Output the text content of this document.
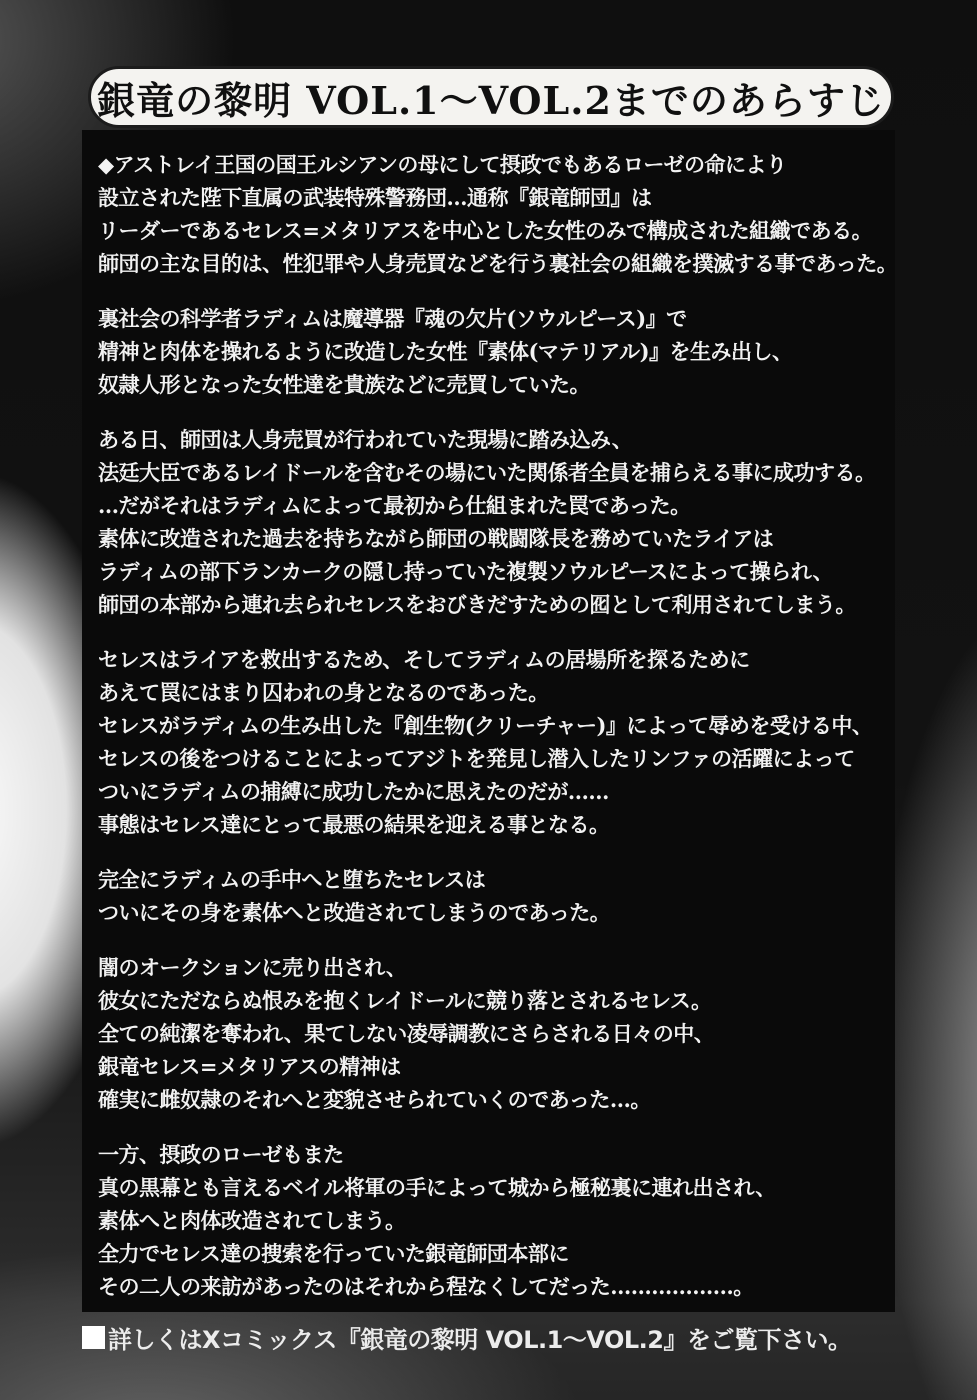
銀竜の黎明 VOL.1～VOL.2までのあらすじ

◆アストレイ王国の国王ルシアンの母にして摂政でもあるローゼの命により
設立された陛下直属の武装特殊警務団…通称『銀竜師団』は
リーダーであるセレス=メタリアスを中心とした女性のみで構成された組織である。
師団の主な目的は、性犯罪や人身売買などを行う裏社会の組織を撲滅する事であった。

裏社会の科学者ラディムは魔導器『魂の欠片(ソウルピース)』で
精神と肉体を操れるように改造した女性『素体(マテリアル)』を生み出し、
奴隷人形となった女性達を貴族などに売買していた。

ある日、師団は人身売買が行われていた現場に踏み込み、
法廷大臣であるレイドールを含むその場にいた関係者全員を捕らえる事に成功する。
…だがそれはラディムによって最初から仕組まれた罠であった。
素体に改造された過去を持ちながら師団の戦闘隊長を務めていたライアは
ラディムの部下ランカークの隠し持っていた複製ソウルピースによって操られ、
師団の本部から連れ去られセレスをおびきだすための囮として利用されてしまう。

セレスはライアを救出するため、そしてラディムの居場所を探るために
あえて罠にはまり囚われの身となるのであった。
セレスがラディムの生み出した『創生物(クリーチャー)』によって辱めを受ける中、
セレスの後をつけることによってアジトを発見し潜入したリンファの活躍によって
ついにラディムの捕縛に成功したかに思えたのだが……
事態はセレス達にとって最悪の結果を迎える事となる。

完全にラディムの手中へと堕ちたセレスは
ついにその身を素体へと改造されてしまうのであった。

闇のオークションに売り出され、
彼女にただならぬ恨みを抱くレイドールに競り落とされるセレス。
全ての純潔を奪われ、果てしない凌辱調教にさらされる日々の中、
銀竜セレス=メタリアスの精神は
確実に雌奴隷のそれへと変貌させられていくのであった…。

一方、摂政のローゼもまた
真の黒幕とも言えるベイル将軍の手によって城から極秘裏に連れ出され、
素体へと肉体改造されてしまう。
全力でセレス達の捜索を行っていた銀竜師団本部に
その二人の来訪があったのはそれから程なくしてだった………………。

詳しくはXコミックス『銀竜の黎明 VOL.1～VOL.2』をご覧下さい。
